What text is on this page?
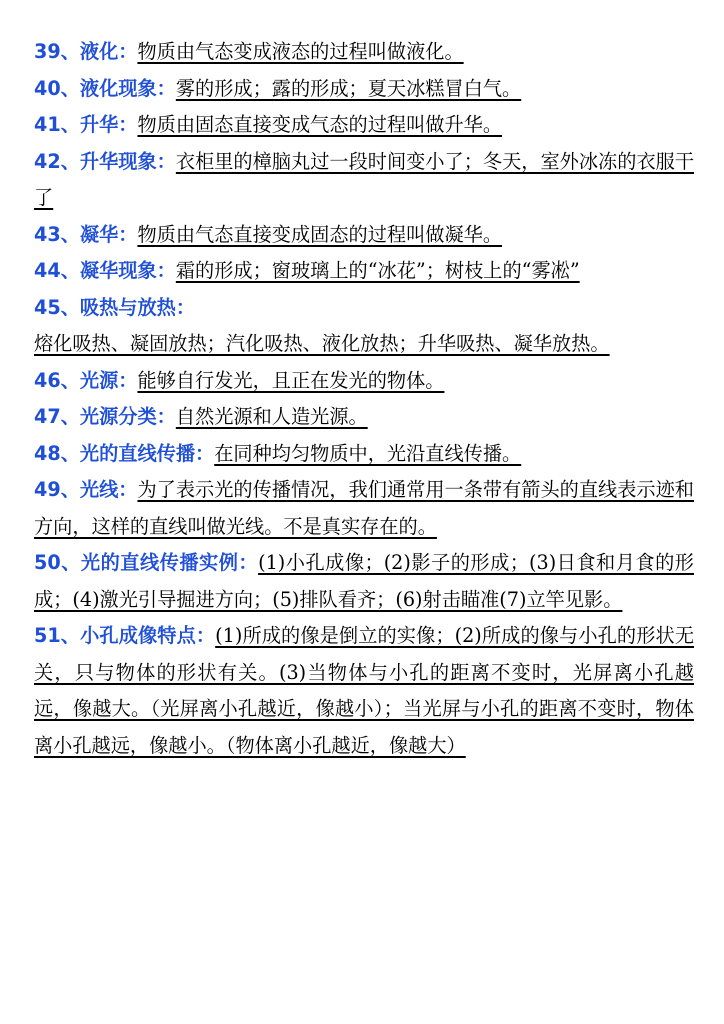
39、液化：物质由气态变成液态的过程叫做液化。

40、液化现象：雾的形成；露的形成；夏天冰糕冒白气。

41、升华：物质由固态直接变成气态的过程叫做升华。

42、升华现象：衣柜里的樟脑丸过一段时间变小了；冬天，室外冰冻的衣服干了

43、凝华：物质由气态直接变成固态的过程叫做凝华。

44、凝华现象：霜的形成；窗玻璃上的“冰花”；树枝上的“雾凇”

45、吸热与放热：
熔化吸热、凝固放热；汽化吸热、液化放热；升华吸热、凝华放热。

46、光源：能够自行发光，且正在发光的物体。

47、光源分类：自然光源和人造光源。

48、光的直线传播：在同种均匀物质中，光沿直线传播。

49、光线：为了表示光的传播情况，我们通常用一条带有箭头的直线表示迹和方向，这样的直线叫做光线。不是真实存在的。

50、光的直线传播实例：(1)小孔成像；(2)影子的形成；(3)日食和月食的形成；(4)激光引导掘进方向；(5)排队看齐；(6)射击瞄准(7)立竿见影。

51、小孔成像特点：(1)所成的像是倒立的实像；(2)所成的像与小孔的形状无关，只与物体的形状有关。(3)当物体与小孔的距离不变时，光屏离小孔越远，像越大。（光屏离小孔越近，像越小）；当光屏与小孔的距离不变时，物体离小孔越远，像越小。（物体离小孔越近，像越大）
